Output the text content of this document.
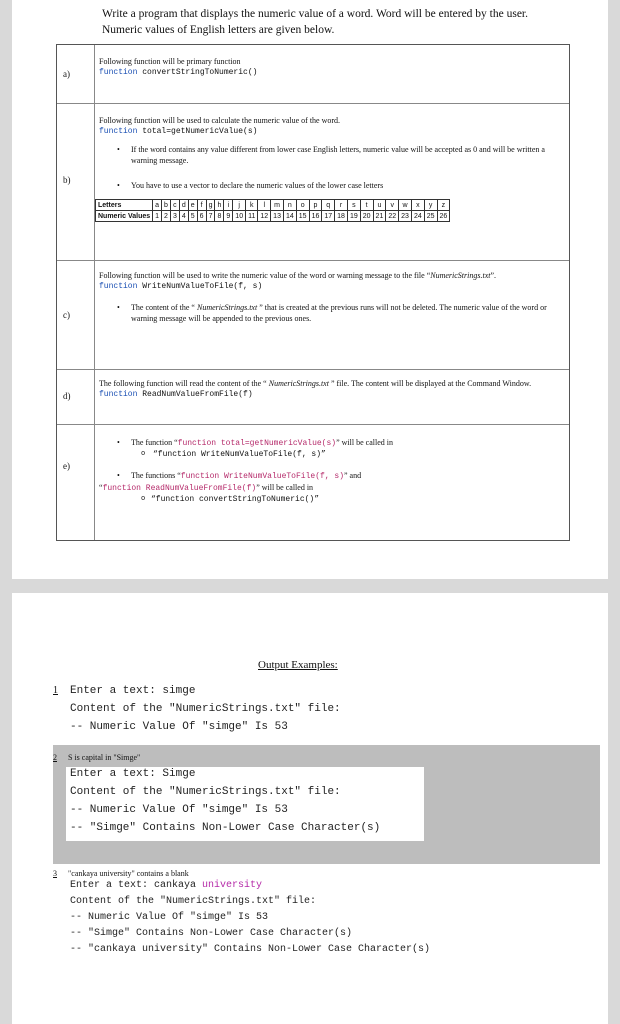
Write a program that displays the numeric value of a word. Word will be entered by the user. Numeric values of English letters are given below.
a)
Following function will be primary function
function convertStringToNumeric()
b)
Following function will be used to calculate the numeric value of the word.
function total=getNumericValue(s)
• If the word contains any value different from lower case English letters, numeric value will be accepted as 0 and will be written a warning message.
• You have to use a vector to declare the numeric values of the lower case letters
c)
Following function will be used to write the numeric value of the word or warning message to the file “NumericStrings.txt”.
function WriteNumValueToFile(f, s)
• The content of the “ NumericStrings.txt ” that is created at the previous runs will not be deleted. The numeric value of the word or warning message will be appended to the previous ones.
d)
The following function will read the content of the “ NumericStrings.txt ” file. The content will be displayed at the Command Window.
function ReadNumValueFromFile(f)
e)
• The function “function total=getNumericValue(s)” will be called in
o “function WriteNumValueToFile(f, s)”
• The functions “function WriteNumValueToFile(f, s)” and
“function ReadNumValueFromFile(f)” will be called in
o “function convertStringToNumeric()”
Letters	a	b	c	d	e	f	g	h	i	j	k	l	m	n	o	p	q	r	s	t	u	v	w	x	y	z
Numeric Values	1	2	3	4	5	6	7	8	9	10	11	12	13	14	15	16	17	18	19	20	21	22	23	24	25	26
Output Examples:
1 Enter a text: simge
Content of the "NumericStrings.txt" file:
-- Numeric Value Of "simge" Is 53
2 S is capital in "Simge"
Enter a text: Simge
Content of the "NumericStrings.txt" file:
-- Numeric Value Of "simge" Is 53
-- "Simge" Contains Non-Lower Case Character(s)
3 "cankaya university" contains a blank
Enter a text: cankaya university
Content of the "NumericStrings.txt" file:
-- Numeric Value Of "simge" Is 53
-- "Simge" Contains Non-Lower Case Character(s)
-- "cankaya university" Contains Non-Lower Case Character(s)
